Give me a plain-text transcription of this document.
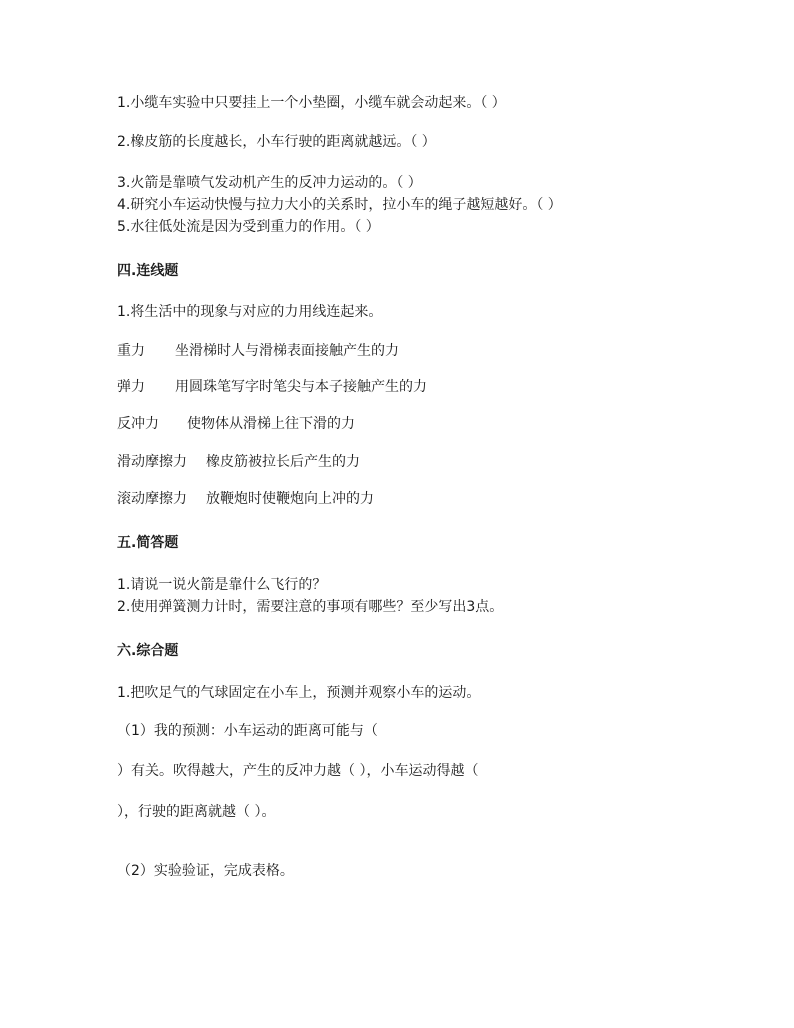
1.小缆车实验中只要挂上一个小垫圈，小缆车就会动起来。（ ）
2.橡皮筋的长度越长，小车行驶的距离就越远。（ ）
3.火箭是靠喷气发动机产生的反冲力运动的。（ ）
4.研究小车运动快慢与拉力大小的关系时，拉小车的绳子越短越好。（ ）
5.水往低处流是因为受到重力的作用。（ ）
四.连线题
1.将生活中的现象与对应的力用线连起来。
重力 坐滑梯时人与滑梯表面接触产生的力
弹力 用圆珠笔写字时笔尖与本子接触产生的力
反冲力 使物体从滑梯上往下滑的力
滑动摩擦力 橡皮筋被拉长后产生的力
滚动摩擦力 放鞭炮时使鞭炮向上冲的力
五.简答题
1.请说一说火箭是靠什么飞行的？
2.使用弹簧测力计时，需要注意的事项有哪些？至少写出3点。
六.综合题
1.把吹足气的气球固定在小车上，预测并观察小车的运动。
（1）我的预测：小车运动的距离可能与（
）有关。吹得越大，产生的反冲力越（ ），小车运动得越（
），行驶的距离就越（ ）。
（2）实验验证，完成表格。
